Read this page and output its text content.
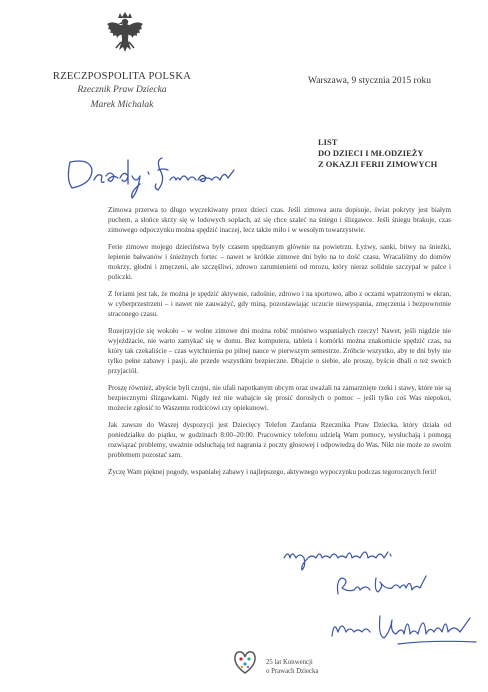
RZECZPOSPOLITA POLSKA
Rzecznik Praw Dziecka
Marek Michalak
Warszawa, 9 stycznia 2015 roku
LIST
DO DZIECI I MŁODZIEŻY
Z OKAZJI FERII ZIMOWYCH

Zimowa przerwa to długo wyczekiwany przez dzieci czas. Jeśli zimowa aura dopisuje, świat pokryty jest białym puchem, a słońce skrzy się w lodowych soplach, aż się chce szaleć na śniegu i ślizgawce. Jeśli śniegu brakuje, czas zimowego odpoczynku można spędzić inaczej, lecz także miło i w wesołym towarzystwie.

Ferie zimowe mojego dzieciństwa były czasem spędzanym głównie na powietrzu. Łyżwy, sanki, bitwy na śnieżki, lepienie bałwanów i śnieżnych fortec – nawet w krótkie zimowe dni było na to dość czasu. Wracaliśmy do domów mokrzy, głodni i zmęczeni, ale szczęśliwi, zdrowo zarumienieni od mrozu, który nieraz solidnie szczypał w palce i policzki.

Z feriami jest tak, że można je spędzić aktywnie, radośnie, zdrowo i na sportowo, albo z oczami wpatrzonymi w ekran, w cyberprzestrzeni – i nawet nie zauważyć, gdy miną, pozostawiając uczucie niewyspania, zmęczenia i bezpowrotnie straconego czasu.

Rozejrzyjcie się wokoło – w wolne zimowe dni można robić mnóstwo wspaniałych rzeczy! Nawet, jeśli nigdzie nie wyjeżdżacie, nie warto zamykać się w domu. Bez komputera, tableta i komórki można znakomicie spędzić czas, na który tak czekaliście – czas wytchnienia po pilnej nauce w pierwszym semestrze. Zróbcie wszystko, aby te dni były nie tylko pełne zabawy i pasji, ale przede wszystkim bezpieczne. Dbajcie o siebie, ale proszę, byście dbali o też swoich przyjaciół.

Proszę również, abyście byli czujni, nie ufali napotkanym obcym oraz uważali na zamarznięte rzeki i stawy, które nie są bezpiecznymi ślizgawkami. Nigdy też nie wahajcie się prosić dorosłych o pomoc – jeśli tylko coś Was niepokoi, możecie zgłosić to Waszemu rodzicowi czy opiekunowi.

Jak zawsze do Waszej dyspozycji jest Dziecięcy Telefon Zaufania Rzecznika Praw Dziecka, który działa od poniedziałku do piątku, w godzinach 8:00–20:00. Pracownicy telefonu udzielą Wam pomocy, wysłuchają i pomogą rozwiązać problemy, uważnie odsłuchają też nagrania z poczty głosowej i odpowiedzą do Was. Nikt nie może ze swoim problemem pozostać sam.

Życzę Wam pięknej pogody, wspaniałej zabawy i najlepszego, aktywnego wypoczynku podczas tegorocznych ferii!

25 lat Konwencji
o Prawach Dziecka
